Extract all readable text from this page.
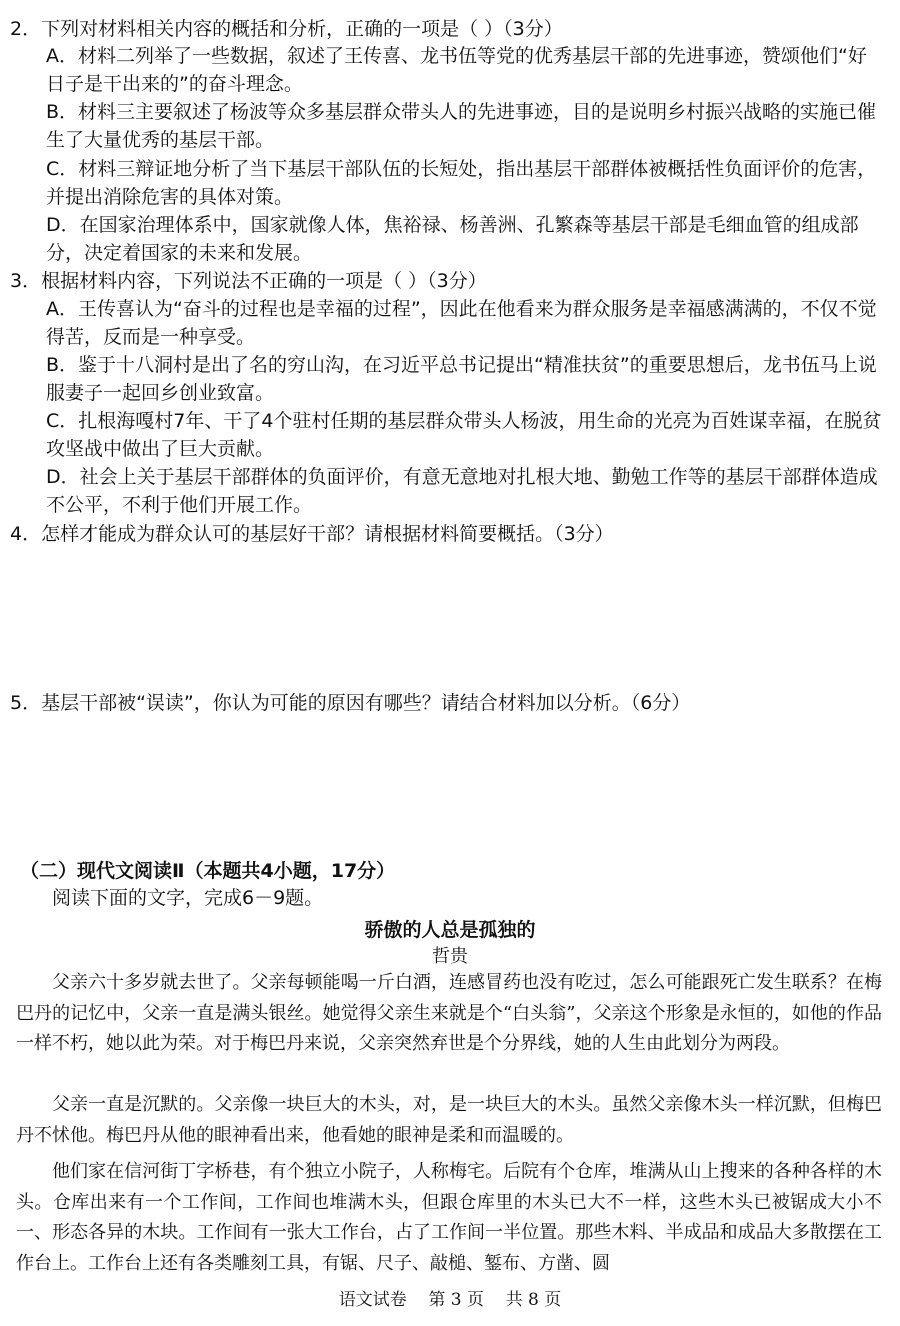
2．下列对材料相关内容的概括和分析，正确的一项是（ ）（3分）
A．材料二列举了一些数据，叙述了王传喜、龙书伍等党的优秀基层干部的先进事迹，赞颂他们“好日子是干出来的”的奋斗理念。
B．材料三主要叙述了杨波等众多基层群众带头人的先进事迹，目的是说明乡村振兴战略的实施已催生了大量优秀的基层干部。
C．材料三辩证地分析了当下基层干部队伍的长短处，指出基层干部群体被概括性负面评价的危害，并提出消除危害的具体对策。
D．在国家治理体系中，国家就像人体，焦裕禄、杨善洲、孔繁森等基层干部是毛细血管的组成部分，决定着国家的未来和发展。
3．根据材料内容，下列说法不正确的一项是（ ）（3分）
A．王传喜认为“奋斗的过程也是幸福的过程”，因此在他看来为群众服务是幸福感满满的，不仅不觉得苦，反而是一种享受。
B．鉴于十八洞村是出了名的穷山沟，在习近平总书记提出“精准扶贫”的重要思想后，龙书伍马上说服妻子一起回乡创业致富。
C．扎根海嘎村7年、干了4个驻村任期的基层群众带头人杨波，用生命的光亮为百姓谋幸福，在脱贫攻坚战中做出了巨大贡献。
D．社会上关于基层干部群体的负面评价，有意无意地对扎根大地、勤勉工作等的基层干部群体造成不公平，不利于他们开展工作。
4．怎样才能成为群众认可的基层好干部？请根据材料简要概括。（3分）
5．基层干部被“误读”，你认为可能的原因有哪些？请结合材料加以分析。（6分）
（二）现代文阅读Ⅱ（本题共4小题，17分）
阅读下面的文字，完成6－9题。
骄傲的人总是孤独的
哲贵
父亲六十多岁就去世了。父亲每顿能喝一斤白酒，连感冒药也没有吃过，怎么可能跟死亡发生联系？在梅巴丹的记忆中，父亲一直是满头银丝。她觉得父亲生来就是个“白头翁”，父亲这个形象是永恒的，如他的作品一样不朽，她以此为荣。对于梅巴丹来说，父亲突然弃世是个分界线，她的人生由此划分为两段。
父亲一直是沉默的。父亲像一块巨大的木头，对，是一块巨大的木头。虽然父亲像木头一样沉默，但梅巴丹不怵他。梅巴丹从他的眼神看出来，他看她的眼神是柔和而温暖的。
他们家在信河街丁字桥巷，有个独立小院子，人称梅宅。后院有个仓库，堆满从山上搜来的各种各样的木头。仓库出来有一个工作间，工作间也堆满木头，但跟仓库里的木头已大不一样，这些木头已被锯成大小不一、形态各异的木块。工作间有一张大工作台，占了工作间一半位置。那些木料、半成品和成品大多散摆在工作台上。工作台上还有各类雕刻工具，有锯、尺子、敲槌、錾布、方凿、圆
语文试卷    第 3 页    共 8 页
